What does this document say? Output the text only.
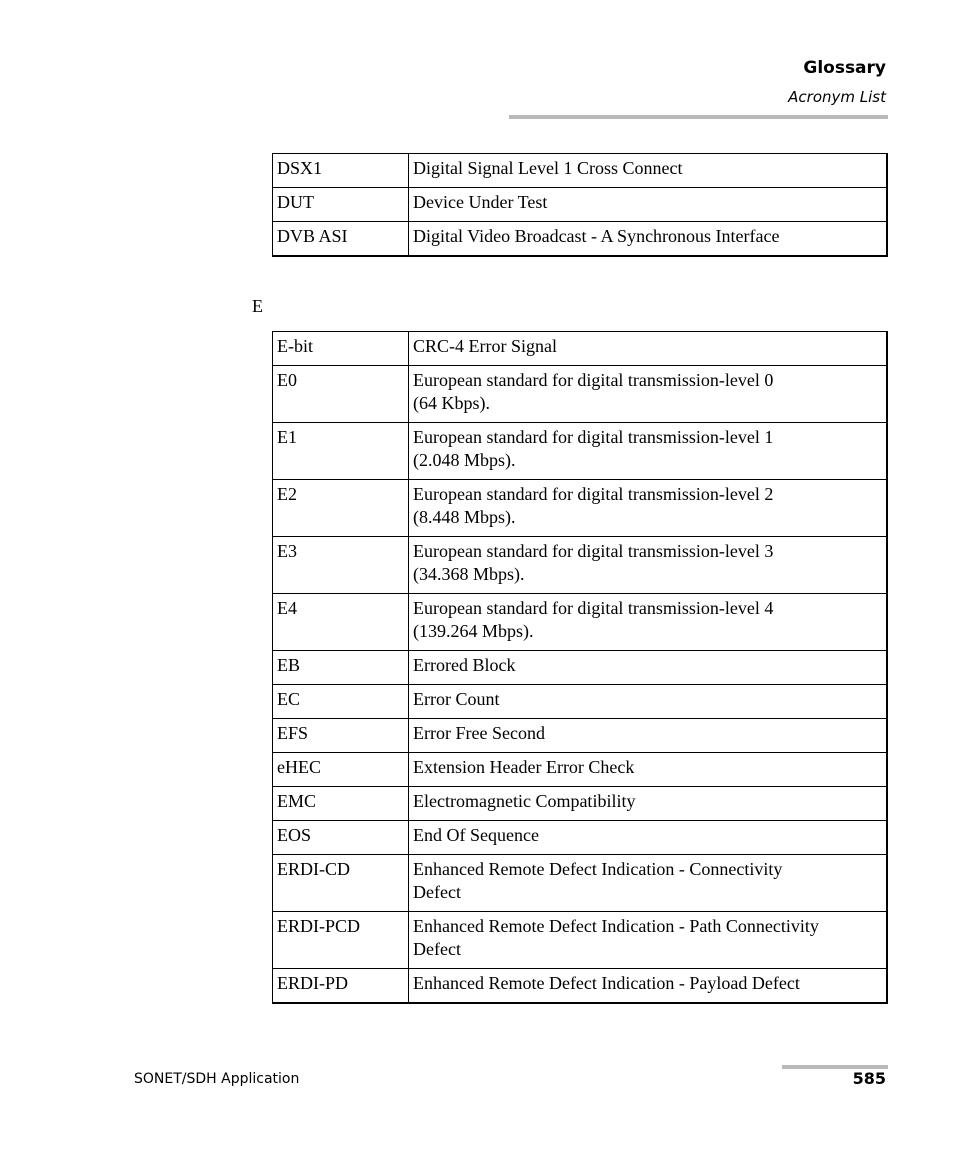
Glossary
Acronym List
DSX1	Digital Signal Level 1 Cross Connect
DUT	Device Under Test
DVB ASI	Digital Video Broadcast - A Synchronous Interface
E
E-bit	CRC-4 Error Signal
E0	European standard for digital transmission-level 0
(64 Kbps).

E1	European standard for digital transmission-level 1
(2.048 Mbps).

E2	European standard for digital transmission-level 2
(8.448 Mbps).

E3	European standard for digital transmission-level 3
(34.368 Mbps).

E4	European standard for digital transmission-level 4
(139.264 Mbps).

EB	Errored Block
EC	Error Count
EFS	Error Free Second
eHEC	Extension Header Error Check
EMC	Electromagnetic Compatibility
EOS	End Of Sequence
ERDI-CD	Enhanced Remote Defect Indication - Connectivity
Defect

ERDI-PCD	Enhanced Remote Defect Indication - Path Connectivity
Defect

ERDI-PD	Enhanced Remote Defect Indication - Payload Defect
SONET/SDH Application	585
